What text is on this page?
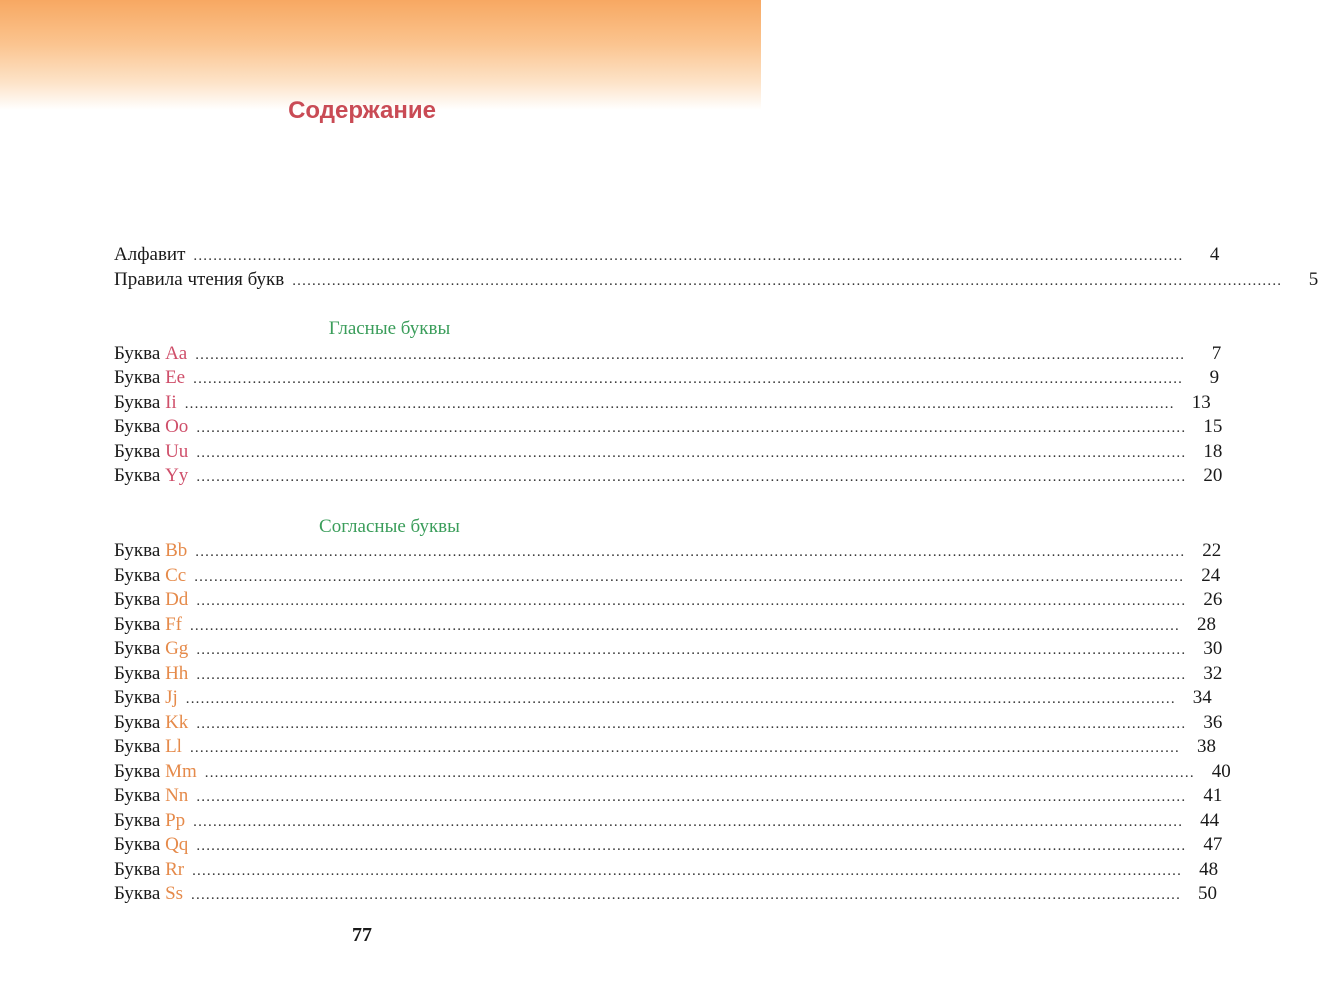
Содержание
Алфавит ........................................................................................................................................................................................................	4
Правила чтения букв ........................................................................................................................................................................................................	5
Гласные буквы
Буква Aa ........................................................................................................................................................................................................	7
Буква Ee ........................................................................................................................................................................................................	9
Буква Ii ........................................................................................................................................................................................................ 13
Буква Oo ........................................................................................................................................................................................................ 15
Буква Uu ........................................................................................................................................................................................................ 18
Буква Yy ........................................................................................................................................................................................................ 20
Согласные буквы
Буква Bb ........................................................................................................................................................................................................ 22
Буква Cc ........................................................................................................................................................................................................ 24
Буква Dd ........................................................................................................................................................................................................ 26
Буква Ff ........................................................................................................................................................................................................ 28
Буква Gg ........................................................................................................................................................................................................ 30
Буква Hh ........................................................................................................................................................................................................ 32
Буква Jj ........................................................................................................................................................................................................ 34
Буква Kk ........................................................................................................................................................................................................ 36
Буква Ll ........................................................................................................................................................................................................ 38
Буква Mm ........................................................................................................................................................................................................ 40
Буква Nn ........................................................................................................................................................................................................ 41
Буква Pp ........................................................................................................................................................................................................ 44
Буква Qq ........................................................................................................................................................................................................ 47
Буква Rr ........................................................................................................................................................................................................ 48
Буква Ss ........................................................................................................................................................................................................ 50
77
